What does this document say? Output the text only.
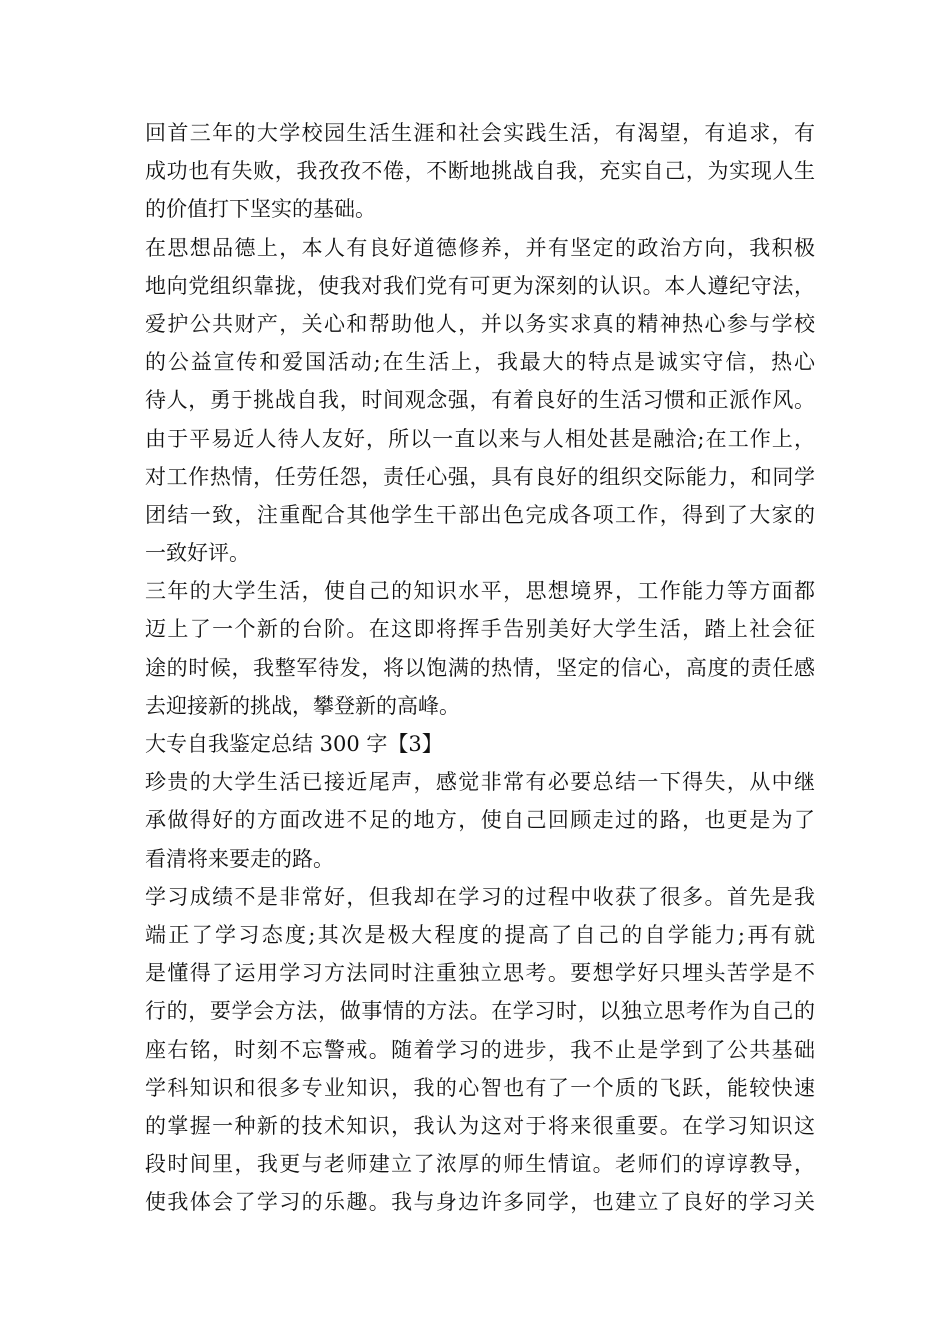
回首三年的大学校园生活生涯和社会实践生活，有渴望，有追求，有
成功也有失败，我孜孜不倦，不断地挑战自我，充实自己，为实现人生
的价值打下坚实的基础。
在思想品德上，本人有良好道德修养，并有坚定的政治方向，我积极
地向党组织靠拢，使我对我们党有可更为深刻的认识。本人遵纪守法，
爱护公共财产，关心和帮助他人，并以务实求真的精神热心参与学校
的公益宣传和爱国活动;在生活上，我最大的特点是诚实守信，热心
待人，勇于挑战自我，时间观念强，有着良好的生活习惯和正派作风。
由于平易近人待人友好，所以一直以来与人相处甚是融洽;在工作上，
对工作热情，任劳任怨，责任心强，具有良好的组织交际能力，和同学
团结一致，注重配合其他学生干部出色完成各项工作，得到了大家的
一致好评。
三年的大学生活，使自己的知识水平，思想境界，工作能力等方面都
迈上了一个新的台阶。在这即将挥手告别美好大学生活，踏上社会征
途的时候，我整军待发，将以饱满的热情，坚定的信心，高度的责任感
去迎接新的挑战，攀登新的高峰。
大专自我鉴定总结 300 字【3】
珍贵的大学生活已接近尾声，感觉非常有必要总结一下得失，从中继
承做得好的方面改进不足的地方，使自己回顾走过的路，也更是为了
看清将来要走的路。
学习成绩不是非常好，但我却在学习的过程中收获了很多。首先是我
端正了学习态度;其次是极大程度的提高了自己的自学能力;再有就
是懂得了运用学习方法同时注重独立思考。要想学好只埋头苦学是不
行的，要学会方法，做事情的方法。在学习时，以独立思考作为自己的
座右铭，时刻不忘警戒。随着学习的进步，我不止是学到了公共基础
学科知识和很多专业知识，我的心智也有了一个质的飞跃，能较快速
的掌握一种新的技术知识，我认为这对于将来很重要。在学习知识这
段时间里，我更与老师建立了浓厚的师生情谊。老师们的谆谆教导，
使我体会了学习的乐趣。我与身边许多同学，也建立了良好的学习关
